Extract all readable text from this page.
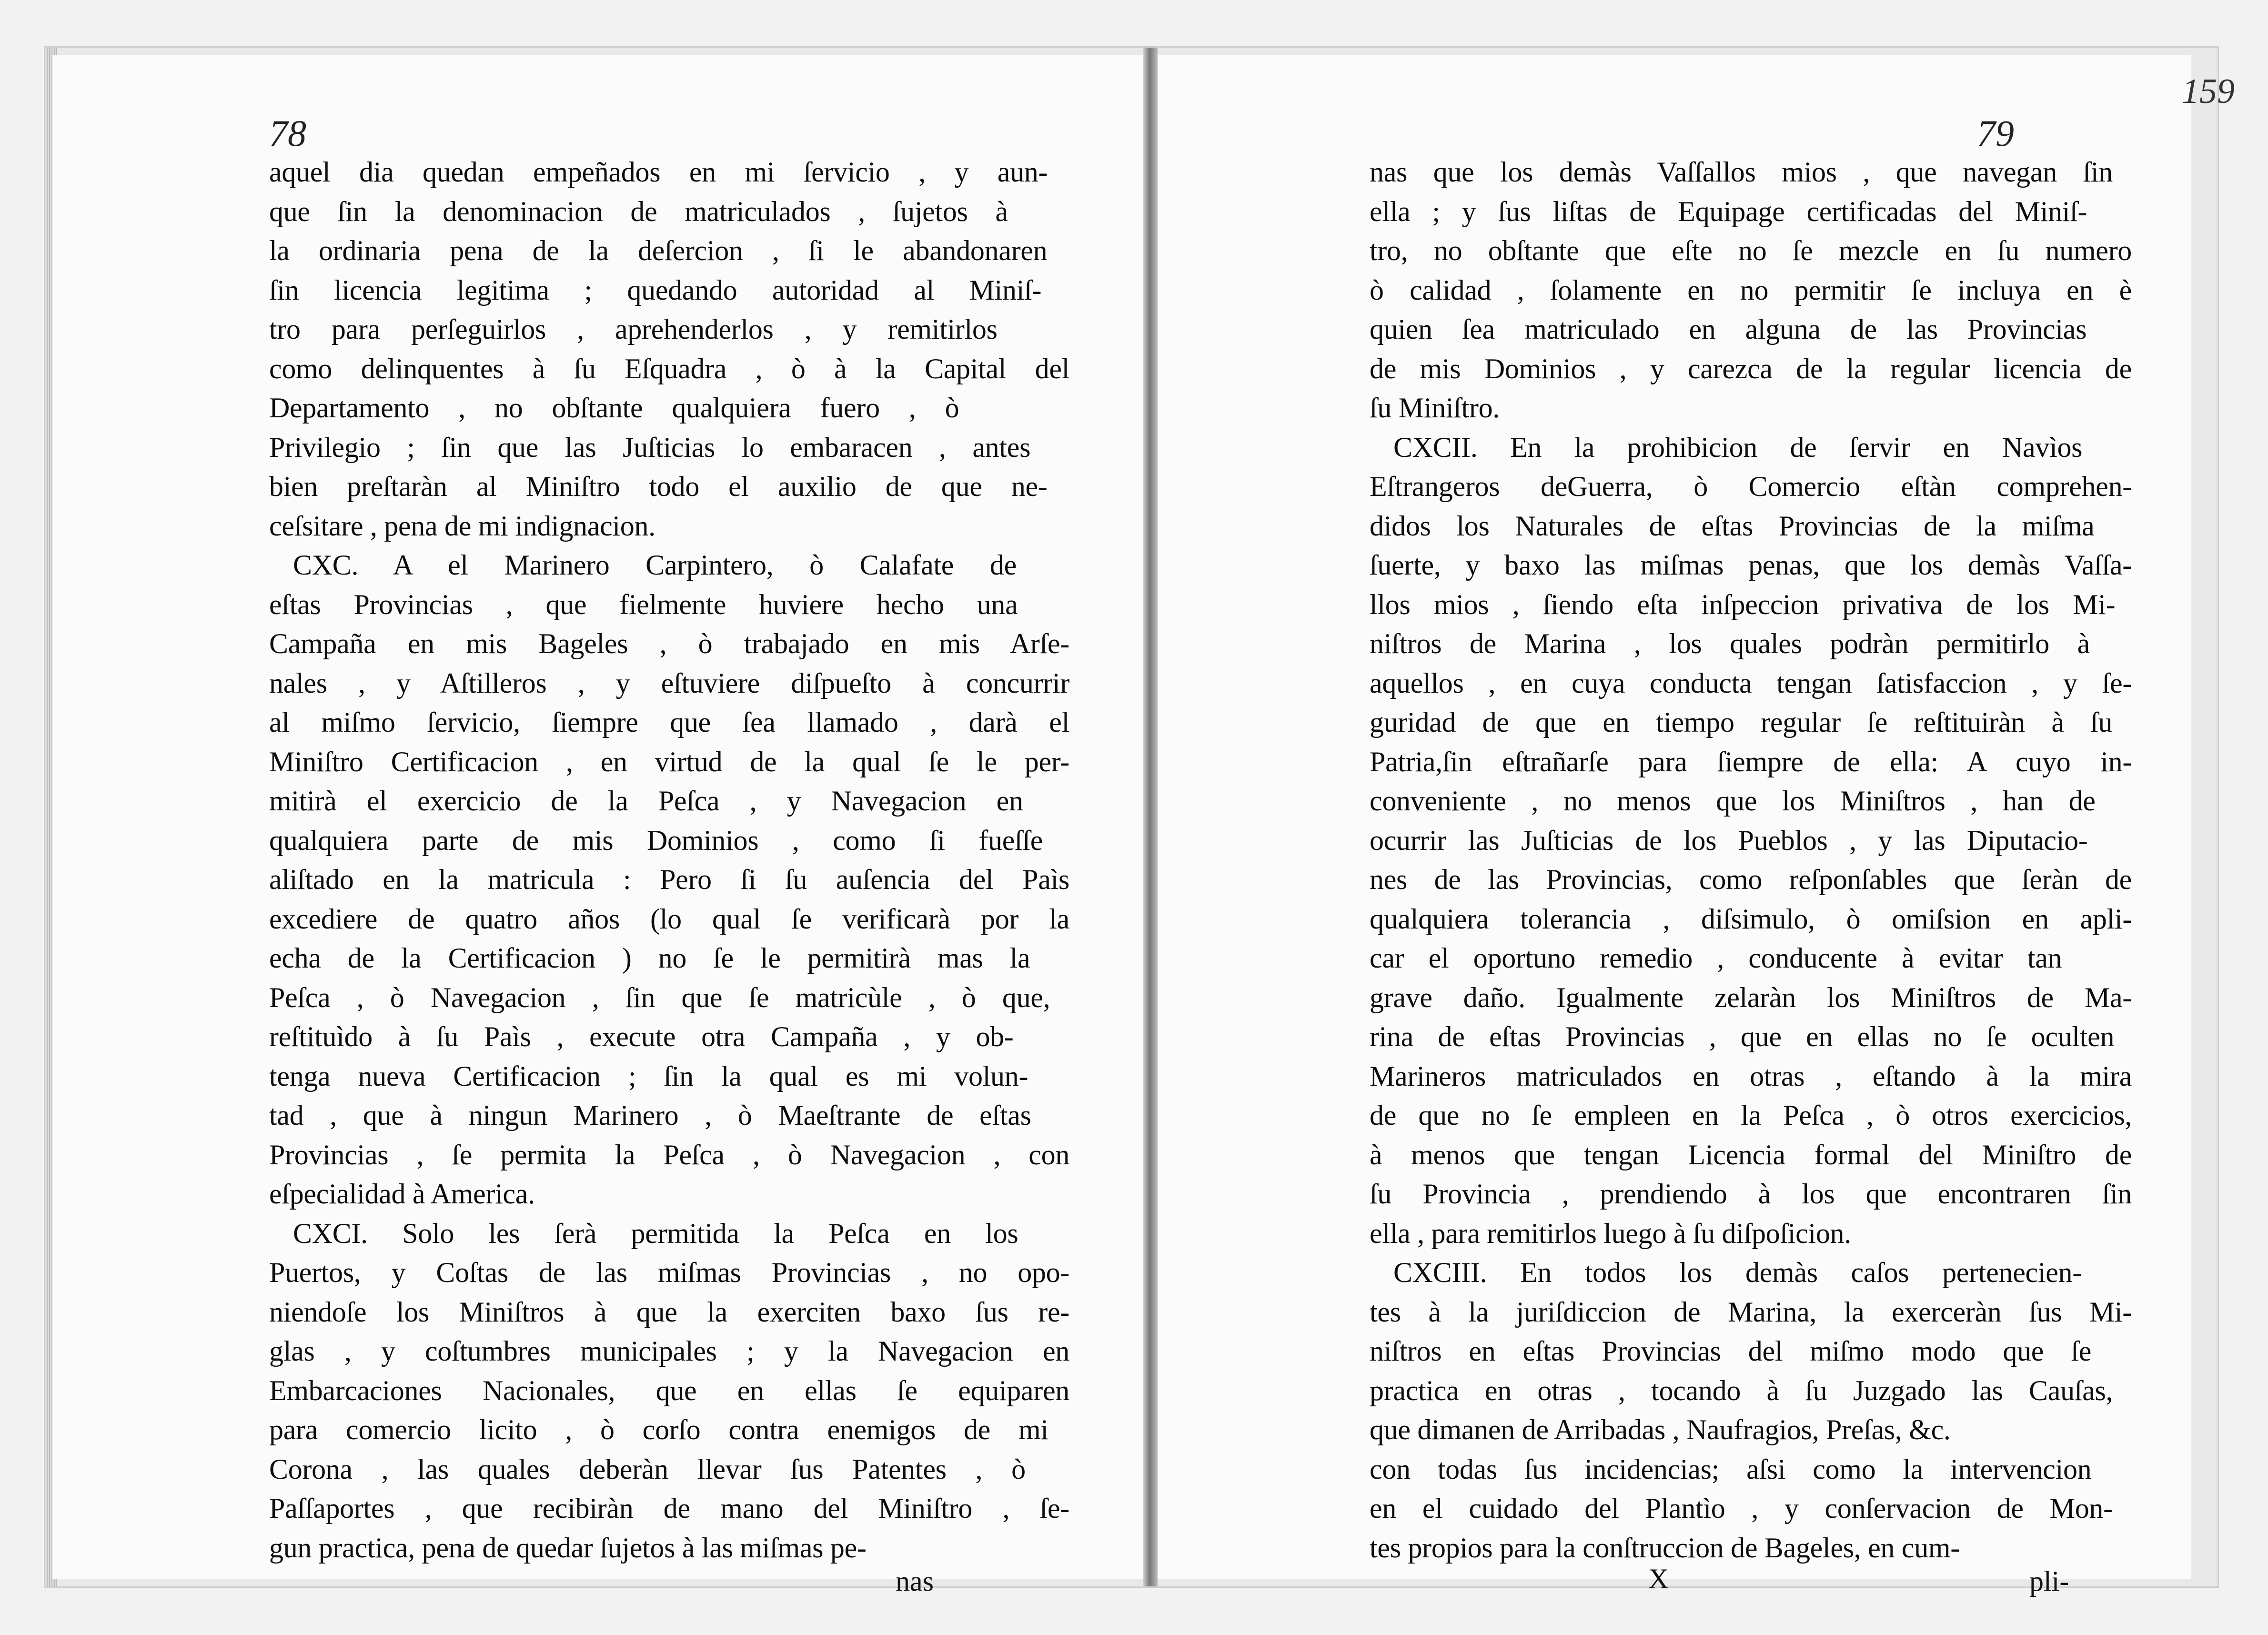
78
aquel dia quedan empeñados en mi ſervicio , y aun-
que ſin la denominacion de matriculados , ſujetos à
la ordinaria pena de la deſercion , ſi le abandonaren
ſin licencia legitima ; quedando autoridad al Miniſ-
tro para perſeguirlos , aprehenderlos , y remitirlos
como delinquentes à ſu Eſquadra , ò à la Capital del
Departamento , no obſtante qualquiera fuero , ò
Privilegio ; ſin que las Juſticias lo embaracen , antes
bien preſtaràn al Miniſtro todo el auxilio de que ne-
ceſsitare , pena de mi indignacion.
CXC. A el Marinero Carpintero, ò Calafate de
eſtas Provincias , que fielmente huviere hecho una
Campaña en mis Bageles , ò trabajado en mis Arſe-
nales , y Aſtilleros , y eſtuviere diſpueſto à concurrir
al miſmo ſervicio, ſiempre que ſea llamado , darà el
Miniſtro Certificacion , en virtud de la qual ſe le per-
mitirà el exercicio de la Peſca , y Navegacion en
qualquiera parte de mis Dominios , como ſi fueſſe
aliſtado en la matricula : Pero ſi ſu auſencia del Paìs
excediere de quatro años (lo qual ſe verificarà por la
echa de la Certificacion ) no ſe le permitirà mas la
Peſca , ò Navegacion , ſin que ſe matricùle , ò que,
reſtituìdo à ſu Paìs , execute otra Campaña , y ob-
tenga nueva Certificacion ; ſin la qual es mi volun-
tad , que à ningun Marinero , ò Maeſtrante de eſtas
Provincias , ſe permita la Peſca , ò Navegacion , con
eſpecialidad à America.
CXCI. Solo les ſerà permitida la Peſca en los
Puertos, y Coſtas de las miſmas Provincias , no opo-
niendoſe los Miniſtros à que la exerciten baxo ſus re-
glas , y coſtumbres municipales ; y la Navegacion en
Embarcaciones Nacionales, que en ellas ſe equiparen
para comercio licito , ò corſo contra enemigos de mi
Corona , las quales deberàn llevar ſus Patentes , ò
Paſſaportes , que recibiràn de mano del Miniſtro , ſe-
gun practica, pena de quedar ſujetos à las miſmas pe-
nas
79
nas que los demàs Vaſſallos mios , que navegan ſin
ella ; y ſus liſtas de Equipage certificadas del Miniſ-
tro, no obſtante que eſte no ſe mezcle en ſu numero
ò calidad , ſolamente en no permitir ſe incluya en è
quien ſea matriculado en alguna de las Provincias
de mis Dominios , y carezca de la regular licencia de
ſu Miniſtro.
CXCII. En la prohibicion de ſervir en Navìos
Eſtrangeros deGuerra, ò Comercio eſtàn comprehen-
didos los Naturales de eſtas Provincias de la miſma
ſuerte, y baxo las miſmas penas, que los demàs Vaſſa-
llos mios , ſiendo eſta inſpeccion privativa de los Mi-
niſtros de Marina , los quales podràn permitirlo à
aquellos , en cuya conducta tengan ſatisfaccion , y ſe-
guridad de que en tiempo regular ſe reſtituiràn à ſu
Patria,ſin eſtrañarſe para ſiempre de ella: A cuyo in-
conveniente , no menos que los Miniſtros , han de
ocurrir las Juſticias de los Pueblos , y las Diputacio-
nes de las Provincias, como reſponſables que ſeràn de
qualquiera tolerancia , diſsimulo, ò omiſsion en apli-
car el oportuno remedio , conducente à evitar tan
grave daño. Igualmente zelaràn los Miniſtros de Ma-
rina de eſtas Provincias , que en ellas no ſe oculten
Marineros matriculados en otras , eſtando à la mira
de que no ſe empleen en la Peſca , ò otros exercicios,
à menos que tengan Licencia formal del Miniſtro de
ſu Provincia , prendiendo à los que encontraren ſin
ella , para remitirlos luego à ſu diſpoſicion.
CXCIII. En todos los demàs caſos pertenecien-
tes à la juriſdiccion de Marina, la exerceràn ſus Mi-
niſtros en eſtas Provincias del miſmo modo que ſe
practica en otras , tocando à ſu Juzgado las Cauſas,
que dimanen de Arribadas , Naufragios, Preſas, &c.
con todas ſus incidencias; aſsi como la intervencion
en el cuidado del Plantìo , y conſervacion de Mon-
tes propios para la conſtruccion de Bageles, en cum-
X	pli-
159
